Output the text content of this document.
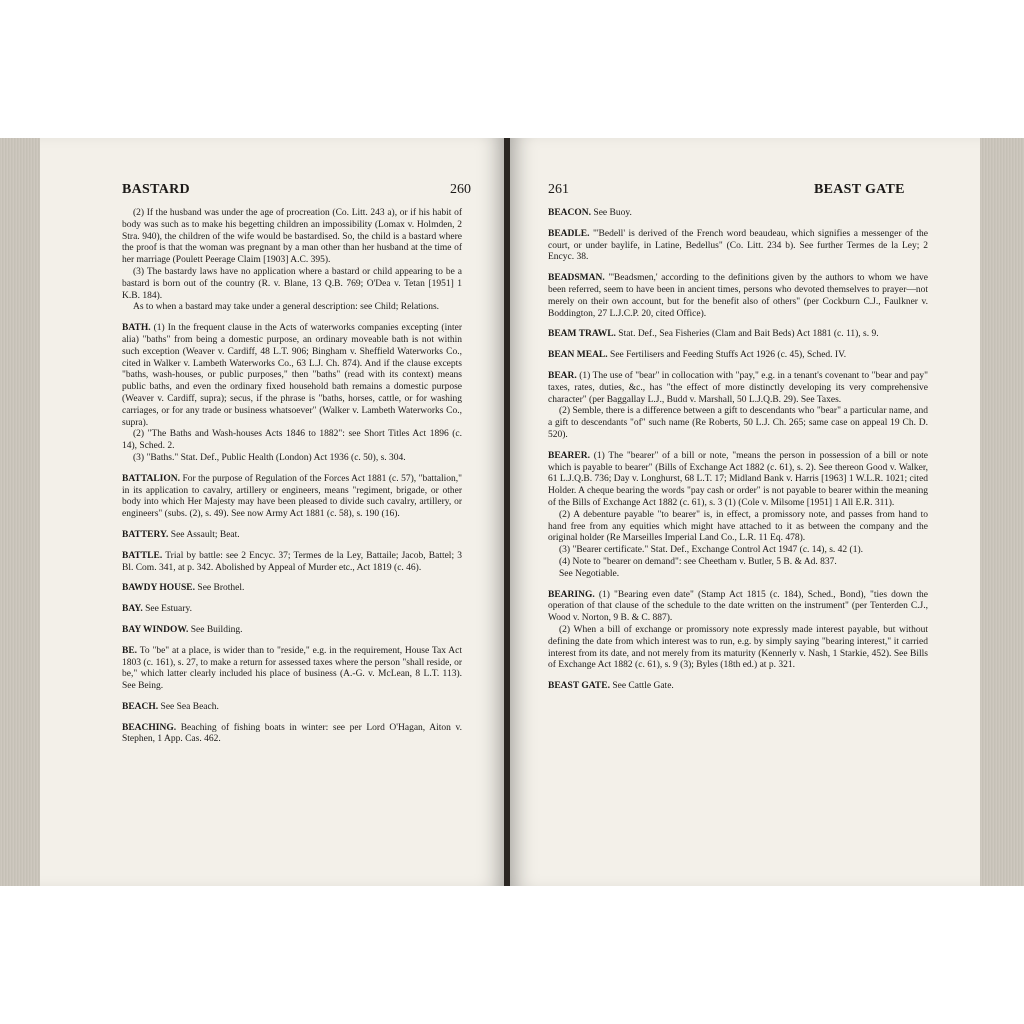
BASTARD	260

(2) If the husband was under the age of procreation (Co. Litt. 243 a), or if his habit of body was such as to make his begetting children an impossibility (Lomax v. Holmden, 2 Stra. 940), the children of the wife would be bastardised. So, the child is a bastard where the proof is that the woman was pregnant by a man other than her husband at the time of her marriage (Poulett Peerage Claim [1903] A.C. 395).

(3) The bastardy laws have no application where a bastard or child appearing to be a bastard is born out of the country (R. v. Blane, 13 Q.B. 769; O'Dea v. Tetan [1951] 1 K.B. 184).

As to when a bastard may take under a general description: see Child; Relations.

BATH. (1) In the frequent clause in the Acts of waterworks companies excepting (inter alia) "baths" from being a domestic purpose, an ordinary moveable bath is not within such exception (Weaver v. Cardiff, 48 L.T. 906; Bingham v. Sheffield Waterworks Co., cited in Walker v. Lambeth Waterworks Co., 63 L.J. Ch. 874). And if the clause excepts "baths, wash-houses, or public purposes," then "baths" (read with its context) means public baths, and even the ordinary fixed household bath remains a domestic purpose (Weaver v. Cardiff, supra); secus, if the phrase is "baths, horses, cattle, or for washing carriages, or for any trade or business whatsoever" (Walker v. Lambeth Waterworks Co., supra).

(2) "The Baths and Wash-houses Acts 1846 to 1882": see Short Titles Act 1896 (c. 14), Sched. 2.

(3) "Baths." Stat. Def., Public Health (London) Act 1936 (c. 50), s. 304.

BATTALION. For the purpose of Regulation of the Forces Act 1881 (c. 57), "battalion," in its application to cavalry, artillery or engineers, means "regiment, brigade, or other body into which Her Majesty may have been pleased to divide such cavalry, artillery, or engineers" (subs. (2), s. 49). See now Army Act 1881 (c. 58), s. 190 (16).

BATTERY. See Assault; Beat.

BATTLE. Trial by battle: see 2 Encyc. 37; Termes de la Ley, Battaile; Jacob, Battel; 3 Bl. Com. 341, at p. 342. Abolished by Appeal of Murder etc., Act 1819 (c. 46).

BAWDY HOUSE. See Brothel.

BAY. See Estuary.

BAY WINDOW. See Building.

BE. To "be" at a place, is wider than to "reside," e.g. in the requirement, House Tax Act 1803 (c. 161), s. 27, to make a return for assessed taxes where the person "shall reside, or be," which latter clearly included his place of business (A.-G. v. McLean, 8 L.T. 113). See Being.

BEACH. See Sea Beach.

BEACHING. Beaching of fishing boats in winter: see per Lord O'Hagan, Aiton v. Stephen, 1 App. Cas. 462.

261	BEAST GATE

BEACON. See Buoy.

BEADLE. "'Bedell' is derived of the French word beaudeau, which signifies a messenger of the court, or under baylife, in Latine, Bedellus" (Co. Litt. 234 b). See further Termes de la Ley; 2 Encyc. 38.

BEADSMAN. "'Beadsmen,' according to the definitions given by the authors to whom we have been referred, seem to have been in ancient times, persons who devoted themselves to prayer—not merely on their own account, but for the benefit also of others" (per Cockburn C.J., Faulkner v. Boddington, 27 L.J.C.P. 20, cited Office).

BEAM TRAWL. Stat. Def., Sea Fisheries (Clam and Bait Beds) Act 1881 (c. 11), s. 9.

BEAN MEAL. See Fertilisers and Feeding Stuffs Act 1926 (c. 45), Sched. IV.

BEAR. (1) The use of "bear" in collocation with "pay," e.g. in a tenant's covenant to "bear and pay" taxes, rates, duties, &c., has "the effect of more distinctly developing its very comprehensive character" (per Baggallay L.J., Budd v. Marshall, 50 L.J.Q.B. 29). See Taxes.

(2) Semble, there is a difference between a gift to descendants who "bear" a particular name, and a gift to descendants "of" such name (Re Roberts, 50 L.J. Ch. 265; same case on appeal 19 Ch. D. 520).

BEARER. (1) The "bearer" of a bill or note, "means the person in possession of a bill or note which is payable to bearer" (Bills of Exchange Act 1882 (c. 61), s. 2). See thereon Good v. Walker, 61 L.J.Q.B. 736; Day v. Longhurst, 68 L.T. 17; Midland Bank v. Harris [1963] 1 W.L.R. 1021; cited Holder. A cheque bearing the words "pay cash or order" is not payable to bearer within the meaning of the Bills of Exchange Act 1882 (c. 61), s. 3 (1) (Cole v. Milsome [1951] 1 All E.R. 311).

(2) A debenture payable "to bearer" is, in effect, a promissory note, and passes from hand to hand free from any equities which might have attached to it as between the company and the original holder (Re Marseilles Imperial Land Co., L.R. 11 Eq. 478).

(3) "Bearer certificate." Stat. Def., Exchange Control Act 1947 (c. 14), s. 42 (1).

(4) Note to "bearer on demand": see Cheetham v. Butler, 5 B. & Ad. 837.

See Negotiable.

BEARING. (1) "Bearing even date" (Stamp Act 1815 (c. 184), Sched., Bond), "ties down the operation of that clause of the schedule to the date written on the instrument" (per Tenterden C.J., Wood v. Norton, 9 B. & C. 887).

(2) When a bill of exchange or promissory note expressly made interest payable, but without defining the date from which interest was to run, e.g. by simply saying "bearing interest," it carried interest from its date, and not merely from its maturity (Kennerly v. Nash, 1 Starkie, 452). See Bills of Exchange Act 1882 (c. 61), s. 9 (3); Byles (18th ed.) at p. 321.

BEAST GATE. See Cattle Gate.
